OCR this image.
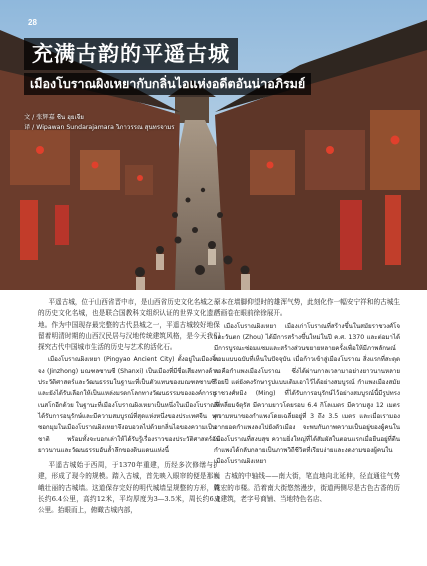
28
充满古韵的平遥古城
เมืองโบราณผิงเหยากับกลิ่นไอแห่งอดีตอันน่าอภิรมย์
文 / 张辉嘉 ชีน ฮุยเจีย
译 / Wipawan Sundarajamara วิภาวรรณ สุนทรจามร

平遥古城，位于山西省晋中市，是山西省历史文化名城之一的历史文化名城，也是联合国教科文组织认证的世界文化遗产地。作为中国现存最完整的古代县城之一，平遥古城较好地保留着明清时期的山西汉民居与汉地传统建筑风格，是今天我们探究古代中国城市生活的历史与艺术的活化石。

เมืองโบราณผิงเหยา (Pingyao Ancient City) ตั้งอยู่ในเมืองจิ้นจง (Jinzhong) มณฑลซานซี (Shanxi) เป็นเมืองที่มีชื่อเสียงทางด้านประวัติศาสตร์และวัฒนธรรมในฐานะที่เป็นตัวแทนของมณฑลซานซี และยังได้รับเลือกให้เป็นแหล่งมรดกโลกทางวัฒนธรรมขององค์การยูเนสโกอีกด้วย ในฐานะที่เมืองโบราณผิงเหยาเป็นหนึ่งในเมืองโบราณที่ได้รับการอนุรักษ์และมีความสมบูรณ์ที่สุดแห่งหนึ่งของประเทศจีน ทุกซอกมุมในเมืองโบราณผิงเหยาจึงอบอวลไปด้วยกลิ่นไอของความเป็นชาติ พร้อมทั้งจะบอกเล่าให้ได้รับรู้เรื่องราวของประวัติศาสตร์อันยาวนานและวัฒนธรรมอันล้ำลึกของดินแดนแห่งนี้

平遥古城始于西周，于1370年重建，历经多次修缮与扩建，形成了现今的规模。踏入古城，首先映入眼帘的便是那巍峨壮丽的古城墙。这道保存完好的明代城墙呈规整的方形，周长约6.4公里，高约12米，平均厚度为3—3.5米，周长约6.4公里。抬眼而上，俯瞰古城内部，

原本在墙脚仰望时的雄浑气势，此刻化作一幅安宁祥和的古城生活画卷在眼前徐徐展开。

เมืองโบราณผิงเหยา เมืองเก่าโบราณที่สร้างขึ้นในสมัยราชวงศ์โจวตะวันตก (Zhou) ได้มีการสร้างขึ้นใหม่ในปี ค.ศ. 1370 และต่อมาได้มีการบูรณะซ่อมแซมและสร้างส่วนขยายหลายครั้งเพื่อให้มีภาพลักษณ์ตามแบบฉบับที่เห็นในปัจจุบัน เมื่อก้าวเข้าสู่เมืองโบราณ สิ่งแรกที่สะดุดตาคือกำแพงเมืองโบราณ ซึ่งได้ผ่านกาลเวลามาอย่างยาวนานหลายร้อยปี แต่ยังคงรักษารูปแบบเดิมเอาไว้ได้อย่างสมบูรณ์ กำแพงเมืองสมัยราชวงศ์หมิง (Ming) ที่ได้รับการอนุรักษ์ไว้อย่างสมบูรณ์นี้มีรูปทรงสี่เหลี่ยมจัตุรัส มีความยาวโดยรอบ 6.4 กิโลเมตร มีความสูง 12 เมตร ความหนาของกำแพงโดยเฉลี่ยอยู่ที่ 3 ถึง 3.5 เมตร และเมื่อเรามองจากยอดกำแพงลงไปยังตัวเมือง จะพบกับภาพความเป็นอยู่ของผู้คนในเมืองโบราณที่สงบสุข ความยิ่งใหญ่ที่ได้สัมผัสในตอนแรกเมื่อยืนอยู่ที่ตีนกำแพงได้กลับกลายเป็นภาพวิถีชีวิตที่เรียบง่ายและงดงามของผู้คนในเมืองโบราณผิงเหยา

古城的中轴线——南大街，笔直地向北延伸，径直通往气势恢宏的市楼。沿着南大街悠然漫步，街道两侧尽是古色古香的历史建筑，老字号商铺、当地特色名店、
